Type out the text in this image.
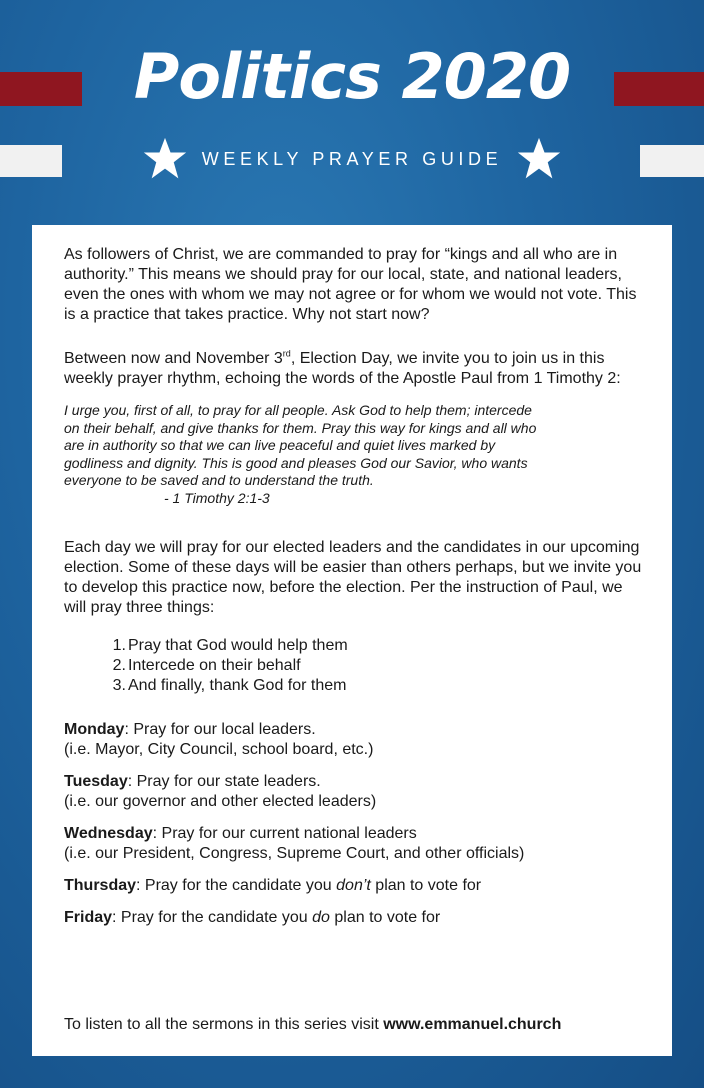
Politics 2020
WEEKLY PRAYER GUIDE

As followers of Christ, we are commanded to pray for “kings and all who are in authority.” This means we should pray for our local, state, and national leaders, even the ones with whom we may not agree or for whom we would not vote. This is a practice that takes practice. Why not start now?

Between now and November 3rd, Election Day, we invite you to join us in this weekly prayer rhythm, echoing the words of the Apostle Paul from 1 Timothy 2:

I urge you, first of all, to pray for all people. Ask God to help them; intercede on their behalf, and give thanks for them. Pray this way for kings and all who are in authority so that we can live peaceful and quiet lives marked by godliness and dignity. This is good and pleases God our Savior, who wants everyone to be saved and to understand the truth.- 1 Timothy 2:1-3

Each day we will pray for our elected leaders and the candidates in our upcoming election. Some of these days will be easier than others perhaps, but we invite you to develop this practice now, before the election. Per the instruction of Paul, we will pray three things:

1. Pray that God would help them
2. Intercede on their behalf
3. And finally, thank God for them

Monday: Pray for our local leaders.
(i.e. Mayor, City Council, school board, etc.)

Tuesday: Pray for our state leaders.
(i.e. our governor and other elected leaders)

Wednesday: Pray for our current national leaders
(i.e. our President, Congress, Supreme Court, and other officials)

Thursday: Pray for the candidate you don’t plan to vote for

Friday: Pray for the candidate you do plan to vote for

To listen to all the sermons in this series visit www.emmanuel.church
